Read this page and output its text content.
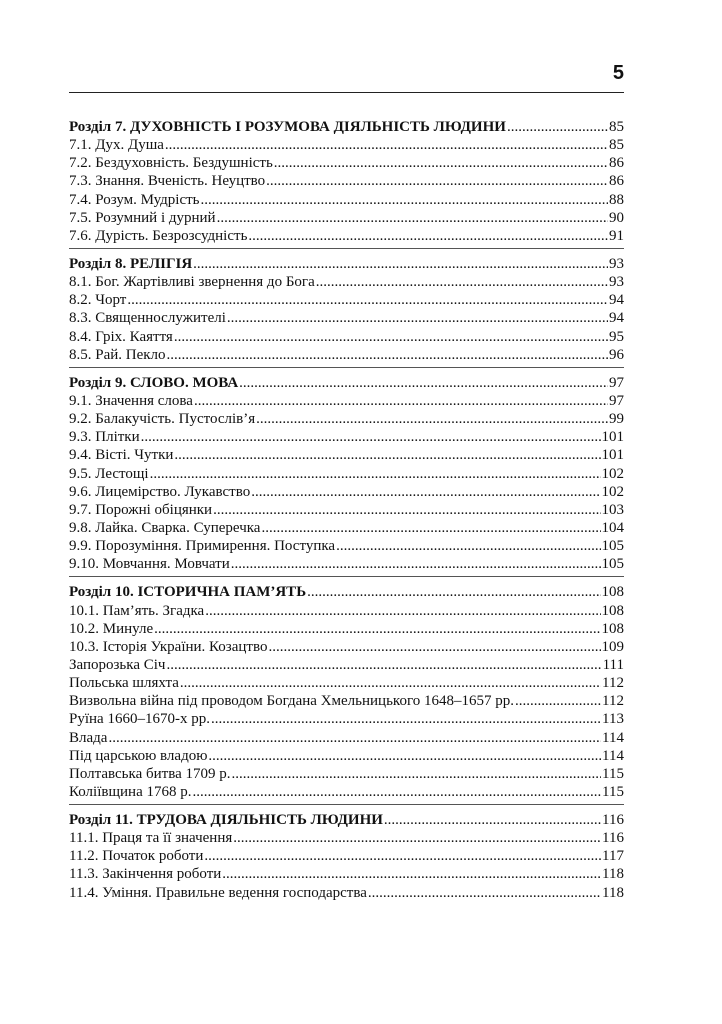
5
Розділ 7. ДУХОВНІСТЬ І РОЗУМОВА ДІЯЛЬНІСТЬ ЛЮДИНИ .....	85
7.1. Дух. Душа .....	85
7.2. Бездуховність. Бездушність .....	86
7.3. Знання. Вченість. Неуцтво .....	86
7.4. Розум. Мудрість .....	88
7.5. Розумний і дурний .....	90
7.6. Дурість. Безрозсудність .....	91
Розділ 8. РЕЛІГІЯ .....	93
8.1. Бог. Жартівливі звернення до Бога .....	93
8.2. Чорт .....	94
8.3. Священнослужителі .....	94
8.4. Гріх. Каяття .....	95
8.5. Рай. Пекло .....	96
Розділ 9. СЛОВО. МОВА .....	97
9.1. Значення слова .....	97
9.2. Балакучість. Пустослів’я .....	99
9.3. Плітки .....	101
9.4. Вісті. Чутки .....	101
9.5. Лестощі .....	102
9.6. Лицемірство. Лукавство .....	102
9.7. Порожні обіцянки .....	103
9.8. Лайка. Сварка. Суперечка .....	104
9.9. Порозуміння. Примирення. Поступка .....	105
9.10. Мовчання. Мовчати .....	105
Розділ 10. ІСТОРИЧНА ПАМ’ЯТЬ .....	108
10.1. Пам’ять. Згадка .....	108
10.2. Минуле .....	108
10.3. Історія України. Козацтво .....	109
Запорозька Січ .....	111
Польська шляхта .....	112
Визвольна війна під проводом Богдана Хмельницького 1648–1657 рр. .....	112
Руїна 1660–1670-х рр. .....	113
Влада .....	114
Під царською владою .....	114
Полтавська битва 1709 р. .....	115
Коліївщина 1768 р. .....	115
Розділ 11. ТРУДОВА ДІЯЛЬНІСТЬ ЛЮДИНИ .....	116
11.1. Праця та її значення .....	116
11.2. Початок роботи .....	117
11.3. Закінчення роботи .....	118
11.4. Уміння. Правильне ведення господарства .....	118
